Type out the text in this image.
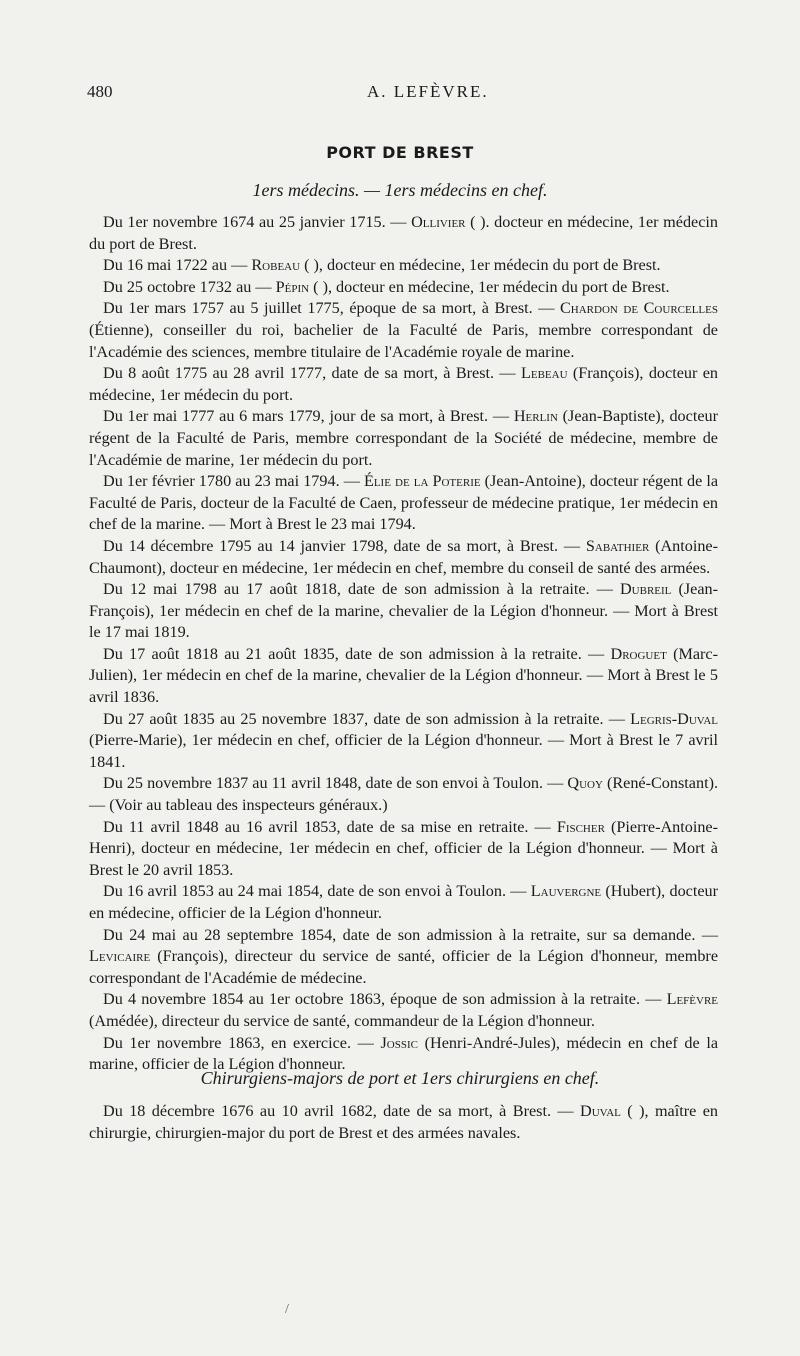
480	A. LEFÈVRE.
PORT DE BREST
1ers médecins. — 1ers médecins en chef.

Du 1er novembre 1674 au 25 janvier 1715. — Ollivier ( ). docteur en médecine, 1er médecin du port de Brest.

Du 16 mai 1722 au — Robeau ( ), docteur en médecine, 1er médecin du port de Brest.

Du 25 octobre 1732 au — Pépin ( ), docteur en médecine, 1er médecin du port de Brest.

Du 1er mars 1757 au 5 juillet 1775, époque de sa mort, à Brest. — Chardon de Courcelles (Étienne), conseiller du roi, bachelier de la Faculté de Paris, membre correspondant de l'Académie des sciences, membre titulaire de l'Académie royale de marine.

Du 8 août 1775 au 28 avril 1777, date de sa mort, à Brest. — Lebeau (François), docteur en médecine, 1er médecin du port.

Du 1er mai 1777 au 6 mars 1779, jour de sa mort, à Brest. — Herlin (Jean-Baptiste), docteur régent de la Faculté de Paris, membre correspondant de la Société de médecine, membre de l'Académie de marine, 1er médecin du port.

Du 1er février 1780 au 23 mai 1794. — Élie de la Poterie (Jean-Antoine), docteur régent de la Faculté de Paris, docteur de la Faculté de Caen, professeur de médecine pratique, 1er médecin en chef de la marine. — Mort à Brest le 23 mai 1794.

Du 14 décembre 1795 au 14 janvier 1798, date de sa mort, à Brest. — Sabathier (Antoine-Chaumont), docteur en médecine, 1er médecin en chef, membre du conseil de santé des armées.

Du 12 mai 1798 au 17 août 1818, date de son admission à la retraite. — Dubreil (Jean-François), 1er médecin en chef de la marine, chevalier de la Légion d'honneur. — Mort à Brest le 17 mai 1819.

Du 17 août 1818 au 21 août 1835, date de son admission à la retraite. — Droguet (Marc-Julien), 1er médecin en chef de la marine, chevalier de la Légion d'honneur. — Mort à Brest le 5 avril 1836.

Du 27 août 1835 au 25 novembre 1837, date de son admission à la retraite. — Legris-Duval (Pierre-Marie), 1er médecin en chef, officier de la Légion d'honneur. — Mort à Brest le 7 avril 1841.

Du 25 novembre 1837 au 11 avril 1848, date de son envoi à Toulon. — Quoy (René-Constant). — (Voir au tableau des inspecteurs généraux.)

Du 11 avril 1848 au 16 avril 1853, date de sa mise en retraite. — Fischer (Pierre-Antoine-Henri), docteur en médecine, 1er médecin en chef, officier de la Légion d'honneur. — Mort à Brest le 20 avril 1853.

Du 16 avril 1853 au 24 mai 1854, date de son envoi à Toulon. — Lauvergne (Hubert), docteur en médecine, officier de la Légion d'honneur.

Du 24 mai au 28 septembre 1854, date de son admission à la retraite, sur sa demande. — Levicaire (François), directeur du service de santé, officier de la Légion d'honneur, membre correspondant de l'Académie de médecine.

Du 4 novembre 1854 au 1er octobre 1863, époque de son admission à la retraite. — Lefèvre (Amédée), directeur du service de santé, commandeur de la Légion d'honneur.

Du 1er novembre 1863, en exercice. — Jossic (Henri-André-Jules), médecin en chef de la marine, officier de la Légion d'honneur.

Chirurgiens-majors de port et 1ers chirurgiens en chef.

Du 18 décembre 1676 au 10 avril 1682, date de sa mort, à Brest. — Duval ( ), maître en chirurgie, chirurgien-major du port de Brest et des armées navales.

/
